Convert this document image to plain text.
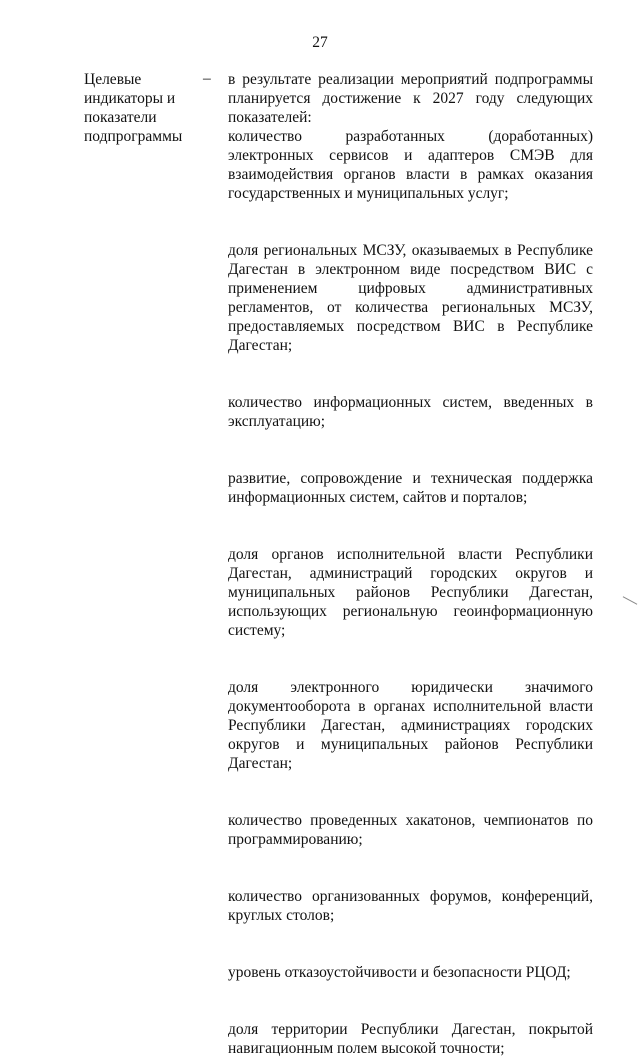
27
Целевые
индикаторы и
показатели
подпрограммы
– в результате реализации мероприятий подпрограммы планируется достижение к 2027 году следующих показателей:

количество разработанных (доработанных) электронных сервисов и адаптеров СМЭВ для взаимодействия органов власти в рамках оказания государственных и муниципальных услуг;

доля региональных МСЗУ, оказываемых в Республике Дагестан в электронном виде посредством ВИС с применением цифровых административных регламентов, от количества региональных МСЗУ, предоставляемых посредством ВИС в Республике Дагестан;

количество информационных систем, введенных в эксплуатацию;

развитие, сопровождение и техническая поддержка информационных систем, сайтов и порталов;

доля органов исполнительной власти Республики Дагестан, администраций городских округов и муниципальных районов Республики Дагестан, использующих региональную геоинформационную систему;

доля электронного юридически значимого документооборота в органах исполнительной власти Республики Дагестан, администрациях городских округов и муниципальных районов Республики Дагестан;

количество проведенных хакатонов, чемпионатов по программированию;

количество организованных форумов, конференций, круглых столов;

уровень отказоустойчивости и безопасности РЦОД;

доля территории Республики Дагестан, покрытой навигационным полем высокой точности;
